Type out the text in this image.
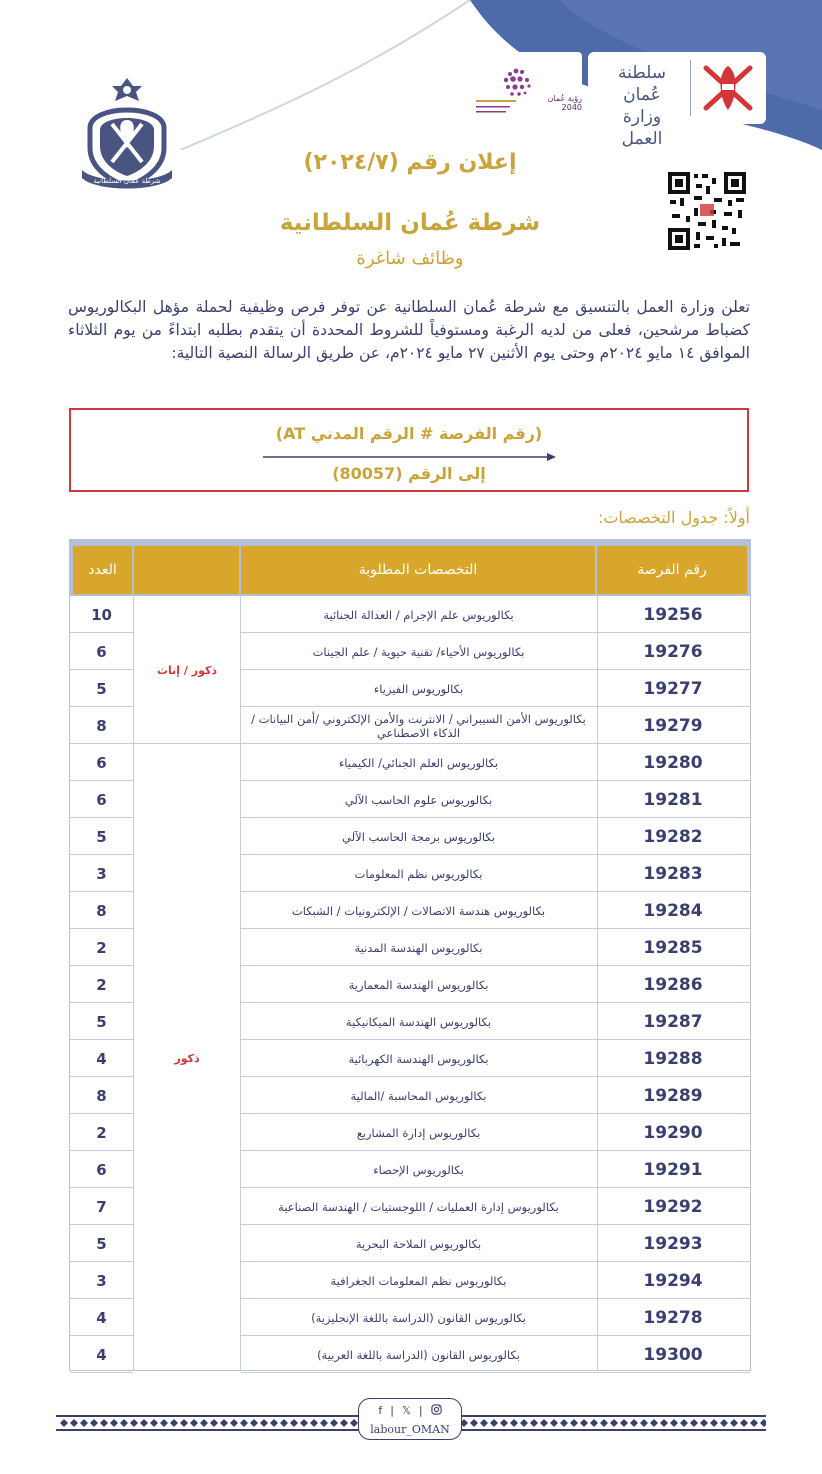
شرطة عمان السلطانية
رؤية عُمان 2040
سلطنة عُمان
وزارة العمل
إعلان رقم (٢٠٢٤/٧)
شرطة عُمان السلطانية
وظائف شاغرة
تعلن وزارة العمل بالتنسيق مع شرطة عُمان السلطانية عن توفر فرص وظيفية لحملة مؤهل البكالوريوس كضباط مرشحين، فعلى من لديه الرغبة ومستوفياً للشروط المحددة أن يتقدم بطلبه ابتداءً من يوم الثلاثاء الموافق ١٤ مايو ٢٠٢٤م وحتى يوم الأثنين ٢٧ مايو ٢٠٢٤م، عن طريق الرسالة النصية التالية:
(رقم الفرصة # الرقم المدني AT)
إلى الرقم (80057)
أولاً: جدول التخصصات:
رقم الفرصة
التخصصات المطلوبة
العدد
19256
بكالوريوس علم الإجرام / العدالة الجنائية
10
19276
بكالوريوس الأحياء/ تقنية حيوية / علم الجينات
6
19277
بكالوريوس الفيزياء
5
19279
بكالوريوس الأمن السيبراني / الانترنت والأمن الإلكتروني /أمن البيانات / الذكاء الاصطناعي
8
19280
بكالوريوس العلم الجنائي/ الكيمياء
6
19281
بكالوريوس علوم الحاسب الآلي
6
19282
بكالوريوس برمجة الحاسب الآلي
5
19283
بكالوريوس نظم المعلومات
3
19284
بكالوريوس هندسة الاتصالات / الإلكترونيات / الشبكات
8
19285
بكالوريوس الهندسة المدنية
2
19286
بكالوريوس الهندسة المعمارية
2
19287
بكالوريوس الهندسة الميكانيكية
5
19288
بكالوريوس الهندسة الكهربائية
4
19289
بكالوريوس المحاسبة /المالية
8
19290
بكالوريوس إدارة المشاريع
2
19291
بكالوريوس الإحصاء
6
19292
بكالوريوس إدارة العمليات / اللوجستيات / الهندسة الصناعية
7
19293
بكالوريوس الملاحة البحرية
5
19294
بكالوريوس نظم المعلومات الجغرافية
3
19278
بكالوريوس القانون (الدراسة باللغة الإنجليزية)
4
19300
بكالوريوس القانون (الدراسة باللغة العربية)
4
ذكور / إناث
ذكور
f | 𝕏 |
labour_OMAN
